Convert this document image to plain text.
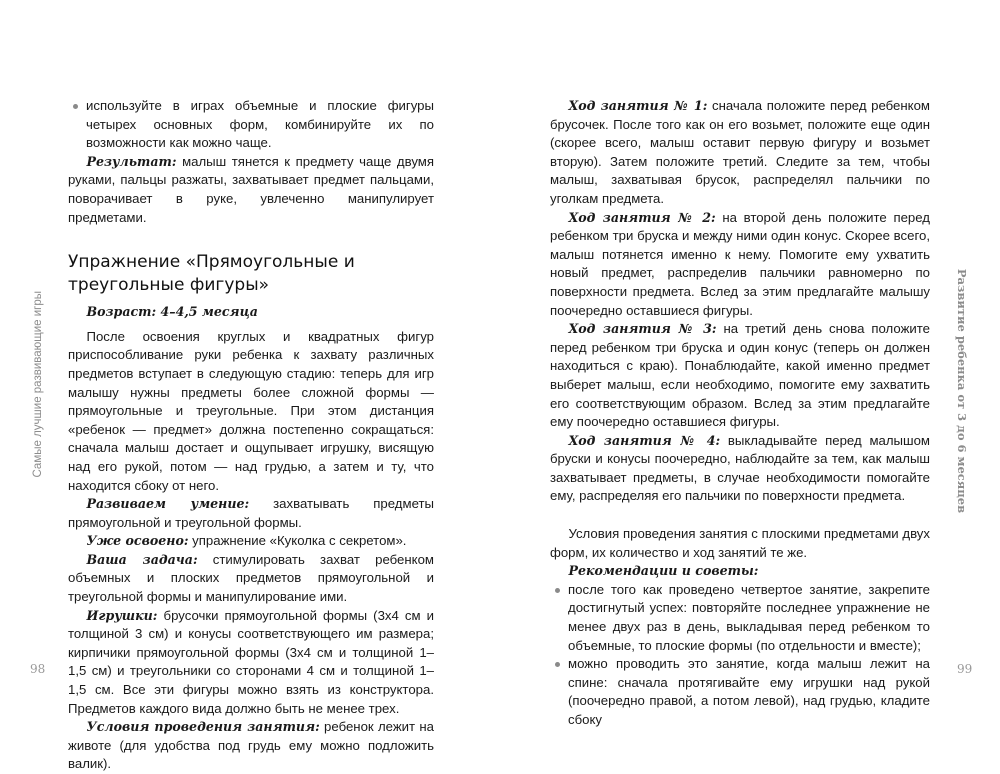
Самые лучшие развивающие игры
используйте в играх объемные и плоские фигуры четырех основных форм, комбинируйте их по возможности как можно чаще.

Результат: малыш тянется к предмету чаще двумя руками, пальцы разжаты, захватывает предмет пальцами, поворачивает в руке, увлеченно манипулирует предметами.

Упражнение «Прямоугольные и треугольные фигуры»

Возраст: 4–4,5 месяца

После освоения круглых и квадратных фигур приспособливание руки ребенка к захвату различных предметов вступает в следующую стадию: теперь для игр малышу нужны предметы более сложной формы — прямоугольные и треугольные. При этом дистанция «ребенок — предмет» должна постепенно сокращаться: сначала малыш достает и ощупывает игрушку, висящую над его рукой, потом — над грудью, а затем и ту, что находится сбоку от него.

Развиваем умение: захватывать предметы прямоугольной и треугольной формы.

Уже освоено: упражнение «Куколка с секретом».

Ваша задача: стимулировать захват ребенком объемных и плоских предметов прямоугольной и треугольной формы и манипулирование ими.

Игрушки: брусочки прямоугольной формы (3х4 см и толщиной 3 см) и конусы соответствующего им размера; кирпичики прямоугольной формы (3х4 см и толщиной 1–1,5 см) и треугольники со сторонами 4 см и толщиной 1–1,5 см. Все эти фигуры можно взять из конструктора. Предметов каждого вида должно быть не менее трех.

Условия проведения занятия: ребенок лежит на животе (для удобства под грудь ему можно подложить валик).

98

Ход занятия № 1: сначала положите перед ребенком брусочек. После того как он его возьмет, положите еще один (скорее всего, малыш оставит первую фигуру и возьмет вторую). Затем положите третий. Следите за тем, чтобы малыш, захватывая брусок, распределял пальчики по уголкам предмета.

Ход занятия № 2: на второй день положите перед ребенком три бруска и между ними один конус. Скорее всего, малыш потянется именно к нему. Помогите ему ухватить новый предмет, распределив пальчики равномерно по поверхности предмета. Вслед за этим предлагайте малышу поочередно оставшиеся фигуры.

Ход занятия № 3: на третий день снова положите перед ребенком три бруска и один конус (теперь он должен находиться с краю). Понаблюдайте, какой именно предмет выберет малыш, если необходимо, помогите ему захватить его соответствующим образом. Вслед за этим предлагайте ему поочередно оставшиеся фигуры.

Ход занятия № 4: выкладывайте перед малышом бруски и конусы поочередно, наблюдайте за тем, как малыш захватывает предметы, в случае необходимости помогайте ему, распределяя его пальчики по поверхности предмета.

Условия проведения занятия с плоскими предметами двух форм, их количество и ход занятий те же.

Рекомендации и советы:

после того как проведено четвертое занятие, закрепите достигнутый успех: повторяйте последнее упражнение не менее двух раз в день, выкладывая перед ребенком то объемные, то плоские формы (по отдельности и вместе);
можно проводить это занятие, когда малыш лежит на спине: сначала протягивайте ему игрушки над рукой (поочередно правой, а потом левой), над грудью, кладите сбоку
99
Развитие ребенка от 3 до 6 месяцев
